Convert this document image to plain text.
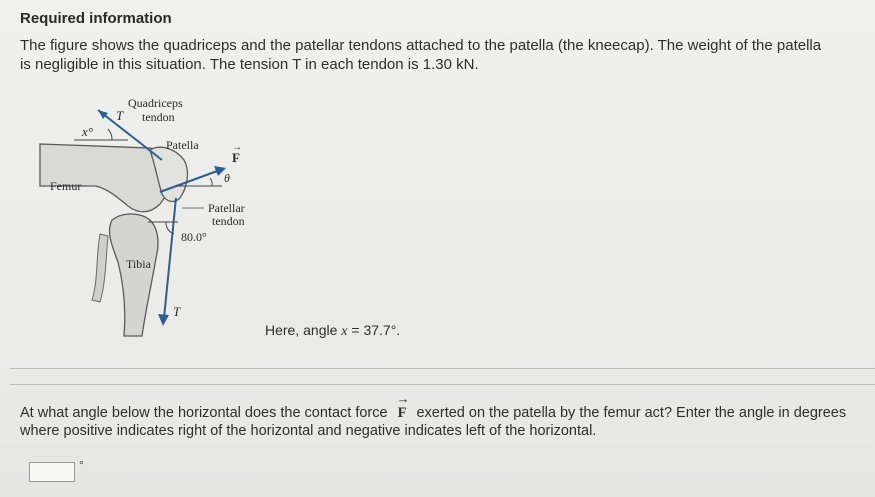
Required information

The figure shows the quadriceps and the patellar tendons attached to the patella (the kneecap). The weight of the patella

is negligible in this situation. The tension T in each tendon is 1.30 kN.

T
Quadriceps
tendon
x°
Patella
F
→
Femur
θ
Patellar
tendon
80.0°
Tibia
T
Here, angle x = 37.7°.

At what angle below the horizontal does the contact force
→
F exerted on the patella by the femur act? Enter the angle in degrees

where positive indicates right of the horizontal and negative indicates left of the horizontal.

°
